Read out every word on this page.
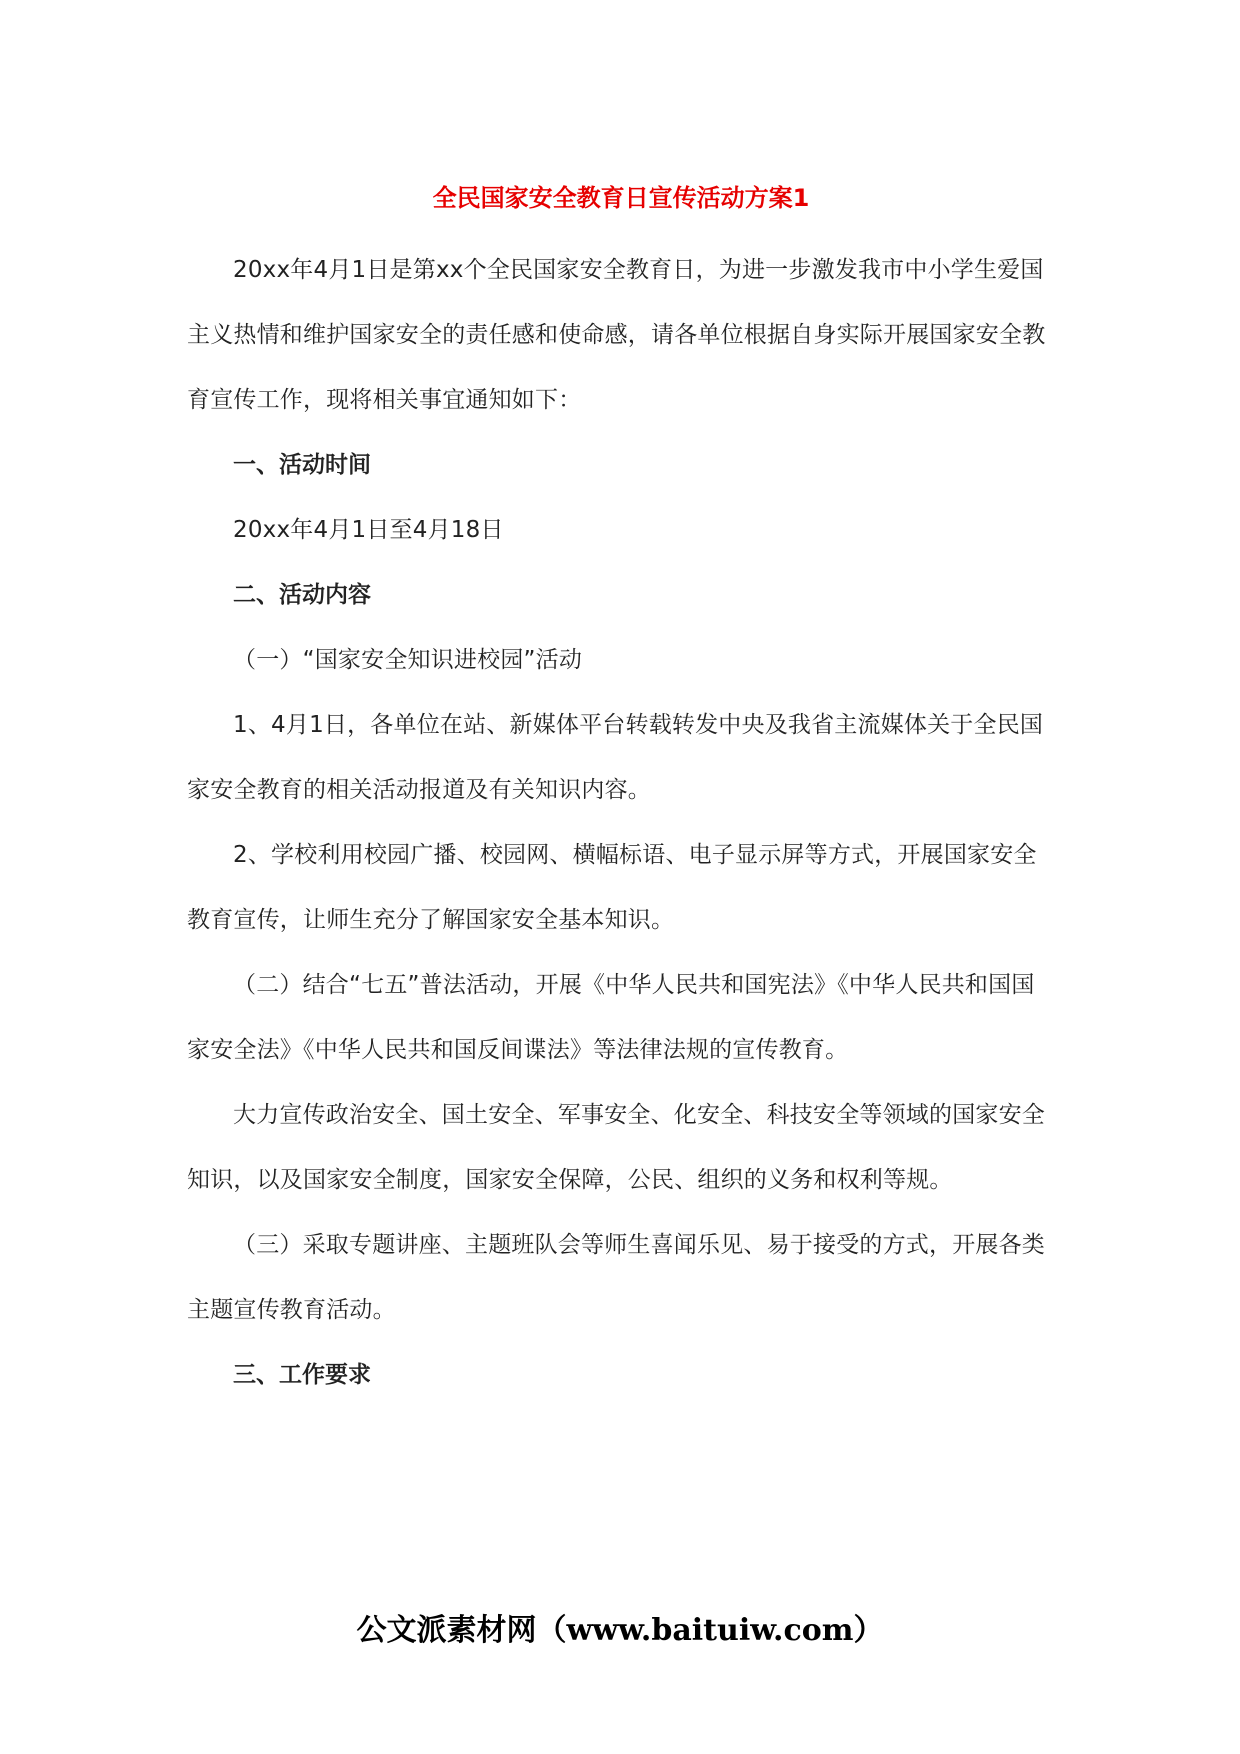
全民国家安全教育日宣传活动方案1

20xx年4月1日是第xx个全民国家安全教育日，为进一步激发我市中小学生爱国主义热情和维护国家安全的责任感和使命感，请各单位根据自身实际开展国家安全教育宣传工作，现将相关事宜通知如下：

一、活动时间

20xx年4月1日至4月18日

二、活动内容

（一）“国家安全知识进校园”活动

1、4月1日，各单位在站、新媒体平台转载转发中央及我省主流媒体关于全民国家安全教育的相关活动报道及有关知识内容。

2、学校利用校园广播、校园网、横幅标语、电子显示屏等方式，开展国家安全教育宣传，让师生充分了解国家安全基本知识。

（二）结合“七五”普法活动，开展《中华人民共和国宪法》《中华人民共和国国家安全法》《中华人民共和国反间谍法》等法律法规的宣传教育。

大力宣传政治安全、国土安全、军事安全、化安全、科技安全等领域的国家安全知识，以及国家安全制度，国家安全保障，公民、组织的义务和权利等规。

（三）采取专题讲座、主题班队会等师生喜闻乐见、易于接受的方式，开展各类主题宣传教育活动。

三、工作要求

公文派素材网（www.baituiw.com）
